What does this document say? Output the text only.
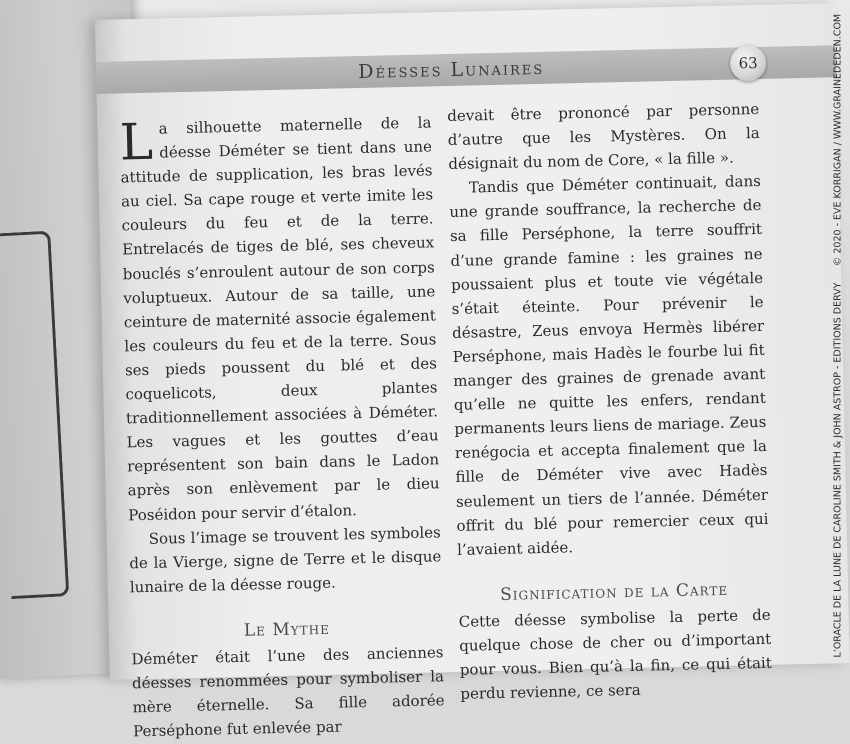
Déesses Lunaires	63

La silhouette maternelle de la déesse Déméter se tient dans une attitude de supplication, les bras levés au ciel. Sa cape rouge et verte imite les couleurs du feu et de la terre. Entrelacés de tiges de blé, ses cheveux bouclés s’enroulent autour de son corps voluptueux. Autour de sa taille, une ceinture de maternité associe également les couleurs du feu et de la terre. Sous ses pieds poussent du blé et des coquelicots, deux plantes traditionnellement associées à Déméter. Les vagues et les gouttes d’eau représentent son bain dans le Ladon après son enlèvement par le dieu Poséidon pour servir d’étalon.

Sous l’image se trouvent les symboles de la Vierge, signe de Terre et le disque lunaire de la déesse rouge.

Le Mythe

Déméter était l’une des anciennes déesses renommées pour symboliser la mère éternelle. Sa fille adorée Perséphone fut enlevée par

devait être prononcé par personne d’autre que les Mystères. On la désignait du nom de Core, « la fille ».

Tandis que Déméter continuait, dans une grande souffrance, la recherche de sa fille Perséphone, la terre souffrit d’une grande famine : les graines ne poussaient plus et toute vie végétale s’était éteinte. Pour prévenir le désastre, Zeus envoya Hermès libérer Perséphone, mais Hadès le fourbe lui fit manger des graines de grenade avant qu’elle ne quitte les enfers, rendant permanents leurs liens de mariage. Zeus renégocia et accepta finalement que la fille de Déméter vive avec Hadès seulement un tiers de l’année. Déméter offrit du blé pour remercier ceux qui l’avaient aidée.

Signification de la Carte

Cette déesse symbolise la perte de quelque chose de cher ou d’important pour vous. Bien qu’à la fin, ce qui était perdu revienne, ce sera

© 2020 - EVE KORRIGAN / WWW.GRAINEDEDEN.COM
L’ORACLE DE LA LUNE DE CAROLINE SMITH & JOHN ASTROP - EDITIONS DERVY
